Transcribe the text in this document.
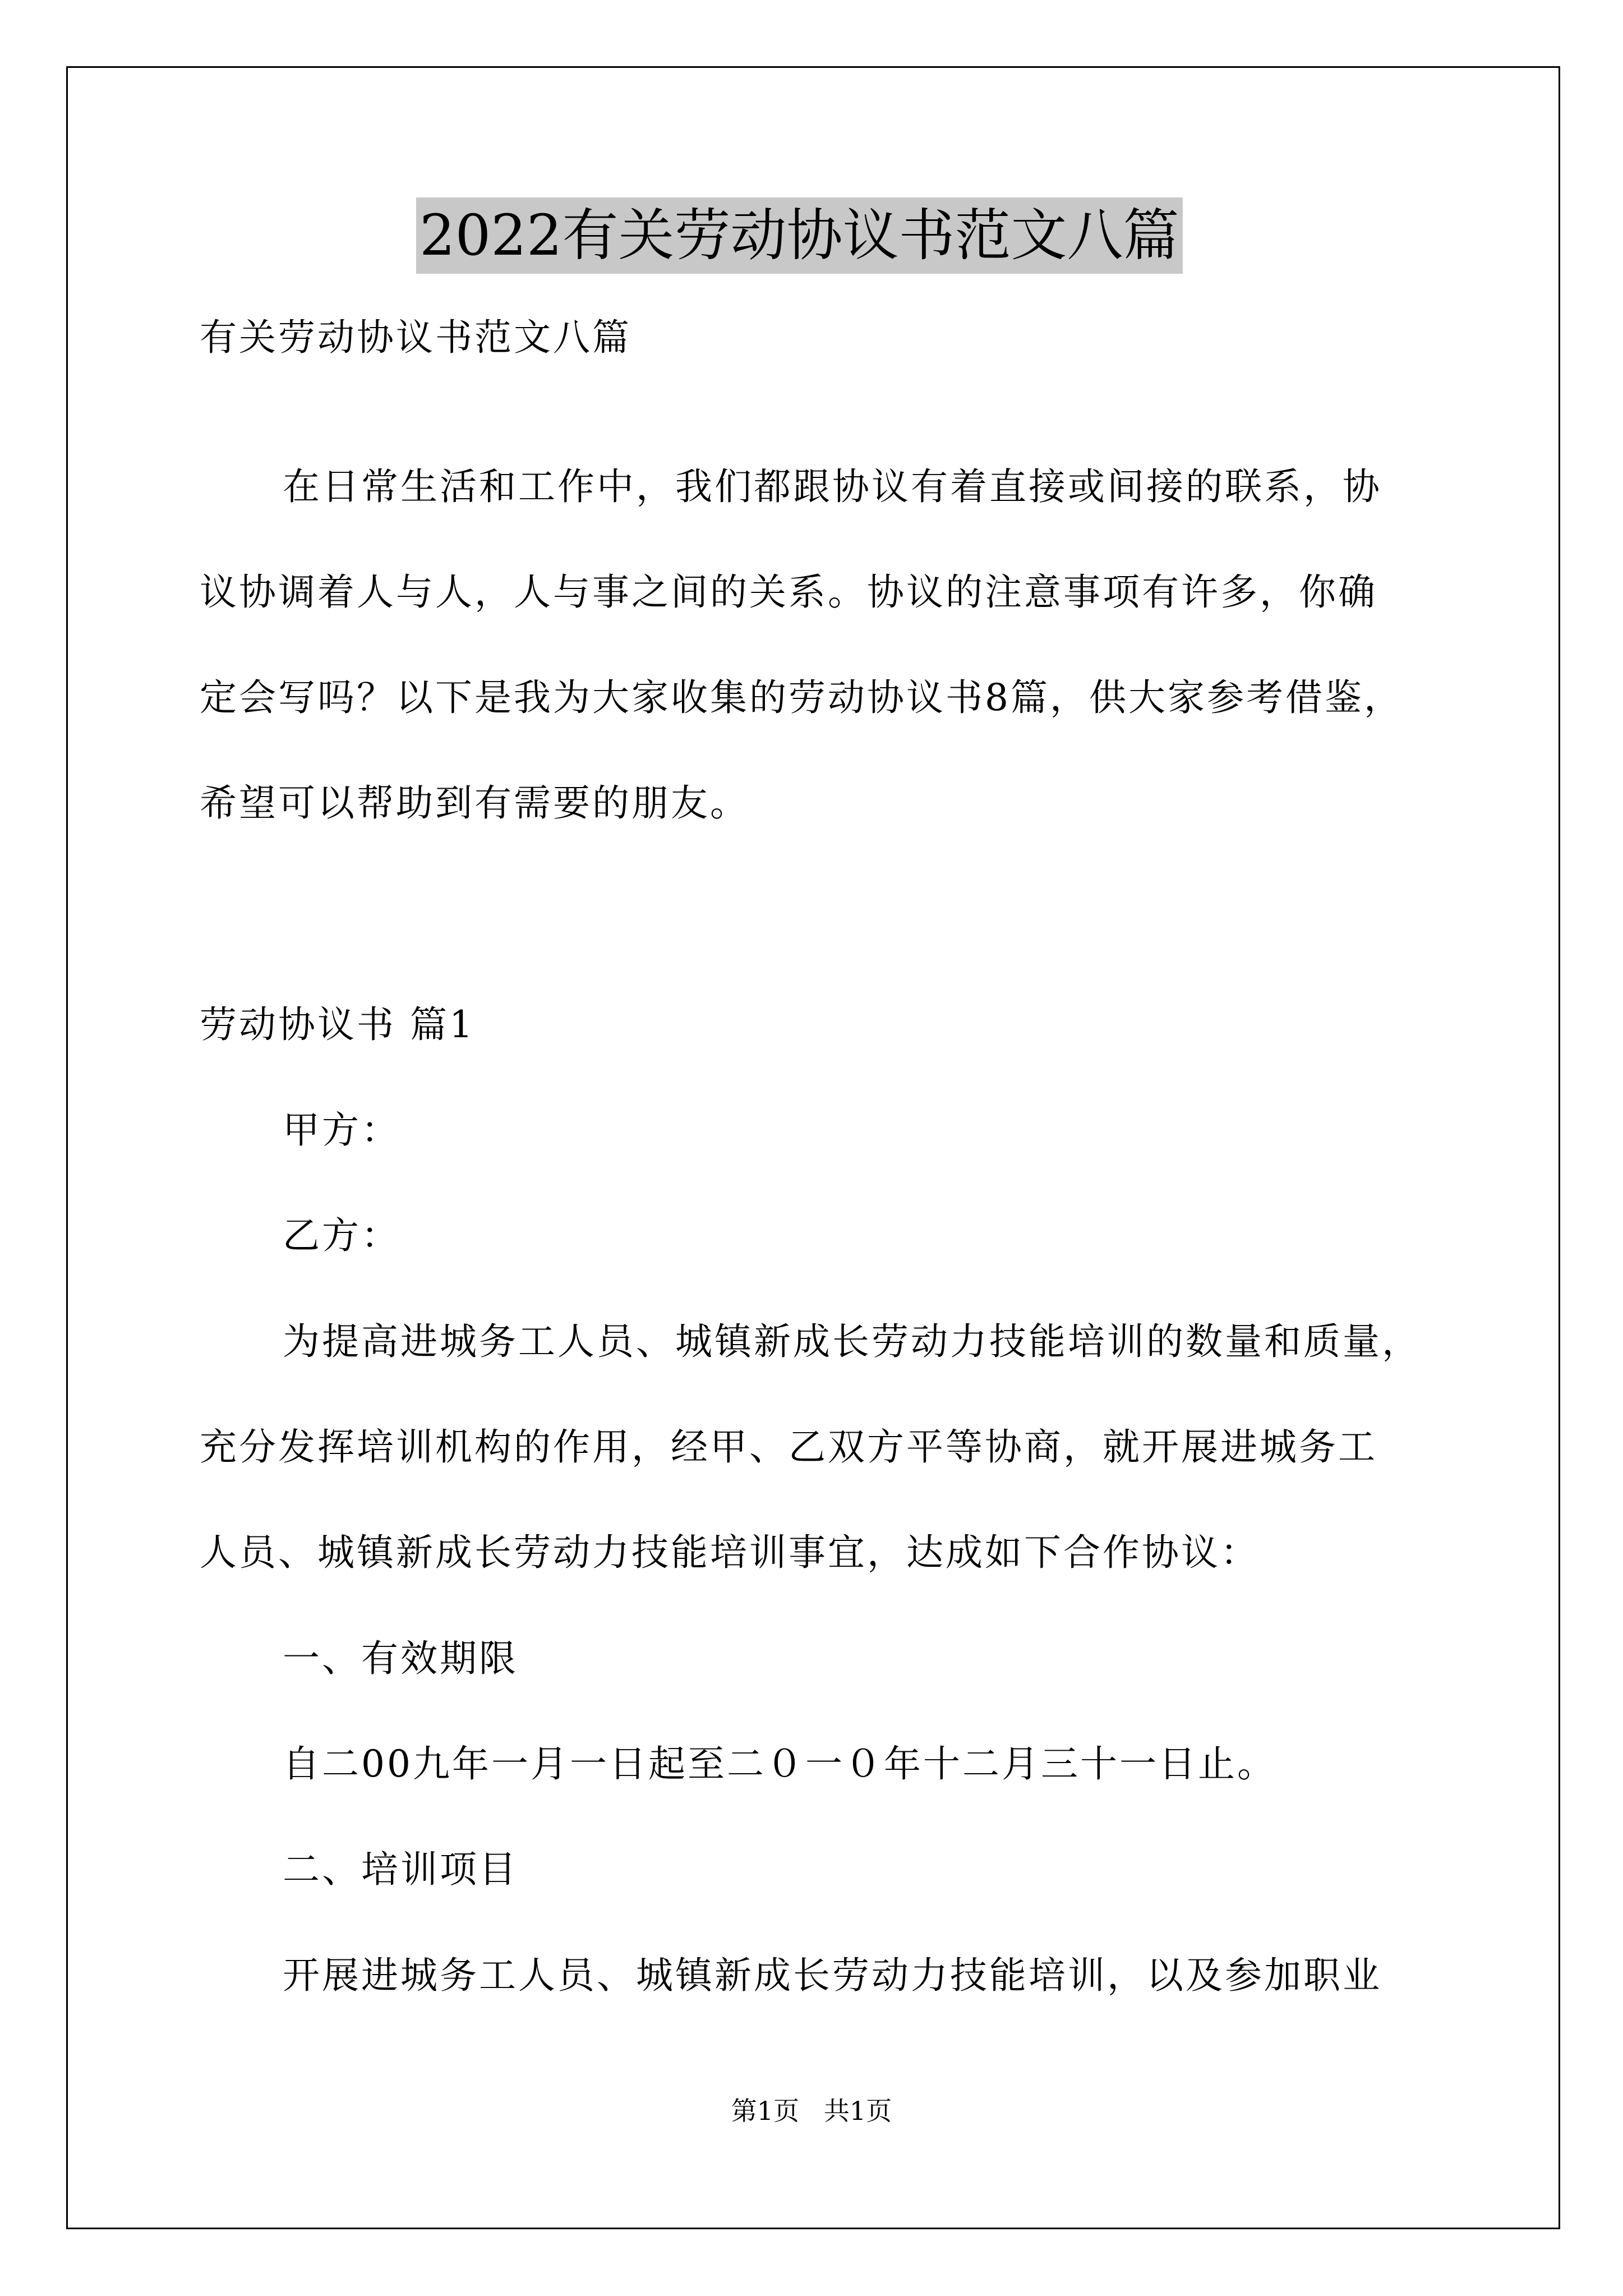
2022有关劳动协议书范文八篇
有关劳动协议书范文八篇
在日常生活和工作中，我们都跟协议有着直接或间接的联系，协
议协调着人与人，人与事之间的关系。协议的注意事项有许多，你确
定会写吗？以下是我为大家收集的劳动协议书8篇，供大家参考借鉴，
希望可以帮助到有需要的朋友。
劳动协议书 篇1
甲方：
乙方：
为提高进城务工人员、城镇新成长劳动力技能培训的数量和质量，
充分发挥培训机构的作用，经甲、乙双方平等协商，就开展进城务工
人员、城镇新成长劳动力技能培训事宜，达成如下合作协议：
一、有效期限
自二00九年一月一日起至二０一０年十二月三十一日止。
二、培训项目
开展进城务工人员、城镇新成长劳动力技能培训，以及参加职业
第1页   共1页
